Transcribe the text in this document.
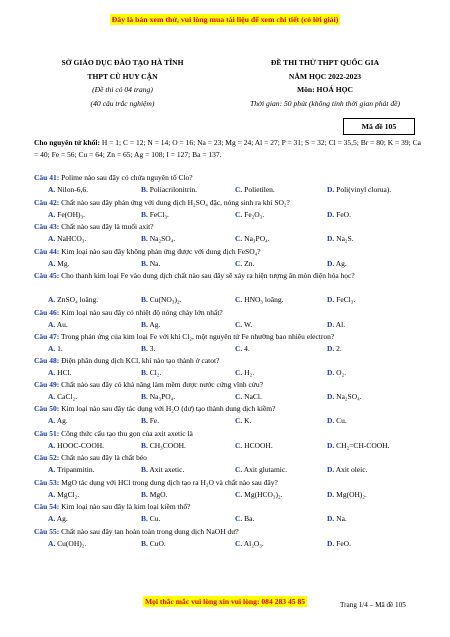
Đây là bản xem thử, vui lòng mua tài liệu để xem chi tiết (có lời giải)
SỞ GIÁO DỤC ĐÀO TẠO HÀ TĨNH
THPT CÙ HUY CẬN
(Đề thi có 04 trang)
(40 câu trắc nghiệm)
ĐỀ THI THỬ THPT QUỐC GIA
NĂM HỌC 2022-2023
Môn: HOÁ HỌC
Thời gian: 50 phút (không tính thời gian phát đề)
Mã đề 105
Cho nguyên tử khối: H = 1; C = 12; N = 14; O = 16; Na = 23; Mg = 24; Al = 27; P = 31; S = 32; Cl = 35,5; Br = 80; K = 39; Ca = 40; Fe = 56; Cu = 64; Zn = 65; Ag = 108; I = 127; Ba = 137.
Câu 41: Polime nào sau đây có chứa nguyên tố Clo?
A. Nilon-6,6.	B. Poliacrilonitrin.	C. Polietilen.	D. Poli(vinyl clorua).
Câu 42: Chất nào sau đây phản ứng với dung dịch H₂SO₄ đặc, nóng sinh ra khí SO₂?
A. Fe(OH)₃.	B. FeCl₃.	C. Fe₂O₃.	D. FeO.
Câu 43: Chất nào sau đây là muối axit?
A. NaHCO₃.	B. Na₂SO₄.	C. Na₃PO₄.	D. Na₂S.
Câu 44: Kim loại nào sau đây không phản ứng được với dung dịch FeSO₄?
A. Mg.	B. Na.	C. Zn.	D. Ag.
Câu 45: Cho thanh kim loại Fe vào dung dịch chất nào sau đây sẽ xảy ra hiện tượng ăn mòn điện hóa học?
A. ZnSO₄ loãng.	B. Cu(NO₃)₂.	C. HNO₃ loãng.	D. FeCl₃.
Câu 46: Kim loại nào sau đây có nhiệt độ nóng chảy lớn nhất?
A. Au.	B. Ag.	C. W.	D. Al.
Câu 47: Trong phản ứng của kim loại Fe với khí Cl₂, một nguyên tử Fe nhường bao nhiêu electron?
A. 1.	B. 3.	C. 4.	D. 2.
Câu 48: Điện phân dung dịch KCl, khí nào tạo thành ở catot?
A. HCl.	B. Cl₂.	C. H₂.	D. O₂.
Câu 49: Chất nào sau đây có khả năng làm mềm được nước cứng vĩnh cửu?
A. CaCl₂.	B. Na₃PO₄.	C. NaCl.	D. Na₂SO₄.
Câu 50: Kim loại nào sau đây tác dụng với H₂O (dư) tạo thành dung dịch kiềm?
A. Ag.	B. Fe.	C. K.	D. Cu.
Câu 51: Công thức cấu tạo thu gọn của axit axetic là
A. HOOC-COOH.	B. CH₃COOH.	C. HCOOH.	D. CH₂=CH-COOH.
Câu 52: Chất nào sau đây là chất béo
A. Tripanmitin.	B. Axit axetic.	C. Axit glutamic.	D. Axit oleic.
Câu 53: MgO tác dụng với HCl trong dung dịch tạo ra H₂O và chất nào sau đây?
A. MgCl₂.	B. MgO.	C. Mg(HCO₃)₂.	D. Mg(OH)₂.
Câu 54: Kim loại nào sau đây là kim loại kiềm thổ?
A. Ag.	B. Cu.	C. Ba.	D. Na.
Câu 55: Chất nào sau đây tan hoàn toàn trong dung dịch NaOH dư?
A. Cu(OH)₂.	B. CuO.	C. Al₂O₃.	D. FeO.
Mọi thắc mắc vui lòng xin vui lòng: 084 283 45 85	Trang 1/4 – Mã đề 105
